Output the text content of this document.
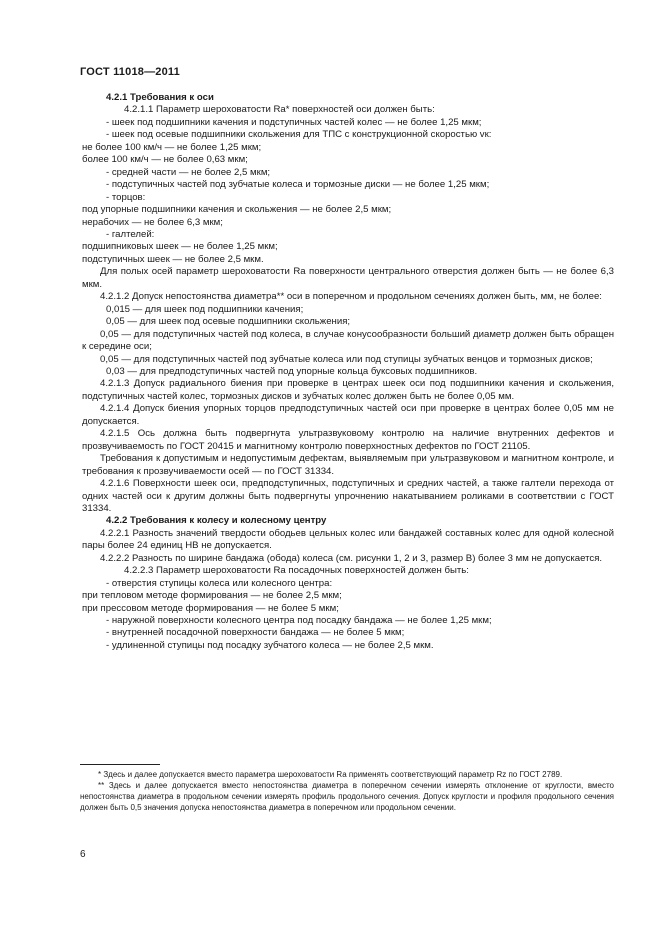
ГОСТ 11018—2011

4.2.1 Требования к оси

4.2.1.1 Параметр шероховатости Ra* поверхностей оси должен быть:

- шеек под подшипники качения и подступичных частей колес — не более 1,25 мкм;

- шеек под осевые подшипники скольжения для ТПС с конструкционной скоростью vк:

не более 100 км/ч — не более 1,25 мкм;

более 100 км/ч — не более 0,63 мкм;

- средней части — не более 2,5 мкм;

- подступичных частей под зубчатые колеса и тормозные диски — не более 1,25 мкм;

- торцов:

под упорные подшипники качения и скольжения — не более 2,5 мкм;

нерабочих — не более 6,3 мкм;

- галтелей:

подшипниковых шеек — не более 1,25 мкм;

подступичных шеек — не более 2,5 мкм.

Для полых осей параметр шероховатости Ra поверхности центрального отверстия должен быть — не более 6,3 мкм.

4.2.1.2 Допуск непостоянства диаметра** оси в поперечном и продольном сечениях должен быть, мм, не более:

0,015 — для шеек под подшипники качения;

0,05 — для шеек под осевые подшипники скольжения;

0,05 — для подступичных частей под колеса, в случае конусообразности больший диаметр должен быть обращен к середине оси;

0,05 — для подступичных частей под зубчатые колеса или под ступицы зубчатых венцов и тормозных дисков;

0,03 — для предподступичных частей под упорные кольца буксовых подшипников.

4.2.1.3 Допуск радиального биения при проверке в центрах шеек оси под подшипники качения и скольжения, подступичных частей колес, тормозных дисков и зубчатых колес должен быть не более 0,05 мм.

4.2.1.4 Допуск биения упорных торцов предподступичных частей оси при проверке в центрах более 0,05 мм не допускается.

4.2.1.5 Ось должна быть подвергнута ультразвуковому контролю на наличие внутренних дефектов и прозвучиваемость по ГОСТ 20415 и магнитному контролю поверхностных дефектов по ГОСТ 21105.

Требования к допустимым и недопустимым дефектам, выявляемым при ультразвуковом и магнитном контроле, и требования к прозвучиваемости осей — по ГОСТ 31334.

4.2.1.6 Поверхности шеек оси, предподступичных, подступичных и средних частей, а также галтели перехода от одних частей оси к другим должны быть подвергнуты упрочнению накатыванием роликами в соответствии с ГОСТ 31334.

4.2.2 Требования к колесу и колесному центру

4.2.2.1 Разность значений твердости ободьев цельных колес или бандажей составных колес для одной колесной пары более 24 единиц НВ не допускается.

4.2.2.2 Разность по ширине бандажа (обода) колеса (см. рисунки 1, 2 и 3, размер В) более 3 мм не допускается.

4.2.2.3 Параметр шероховатости Ra посадочных поверхностей должен быть:

- отверстия ступицы колеса или колесного центра:

при тепловом методе формирования — не более 2,5 мкм;

при прессовом методе формирования — не более 5 мкм;

- наружной поверхности колесного центра под посадку бандажа — не более 1,25 мкм;

- внутренней посадочной поверхности бандажа — не более 5 мкм;

- удлиненной ступицы под посадку зубчатого колеса — не более 2,5 мкм.

* Здесь и далее допускается вместо параметра шероховатости Ra применять соответствующий параметр Rz по ГОСТ 2789.

** Здесь и далее допускается вместо непостоянства диаметра в поперечном сечении измерять отклонение от круглости, вместо непостоянства диаметра в продольном сечении измерять профиль продольного сечения. Допуск круглости и профиля продольного сечения должен быть 0,5 значения допуска непостоянства диаметра в поперечном или продольном сечении.

6
